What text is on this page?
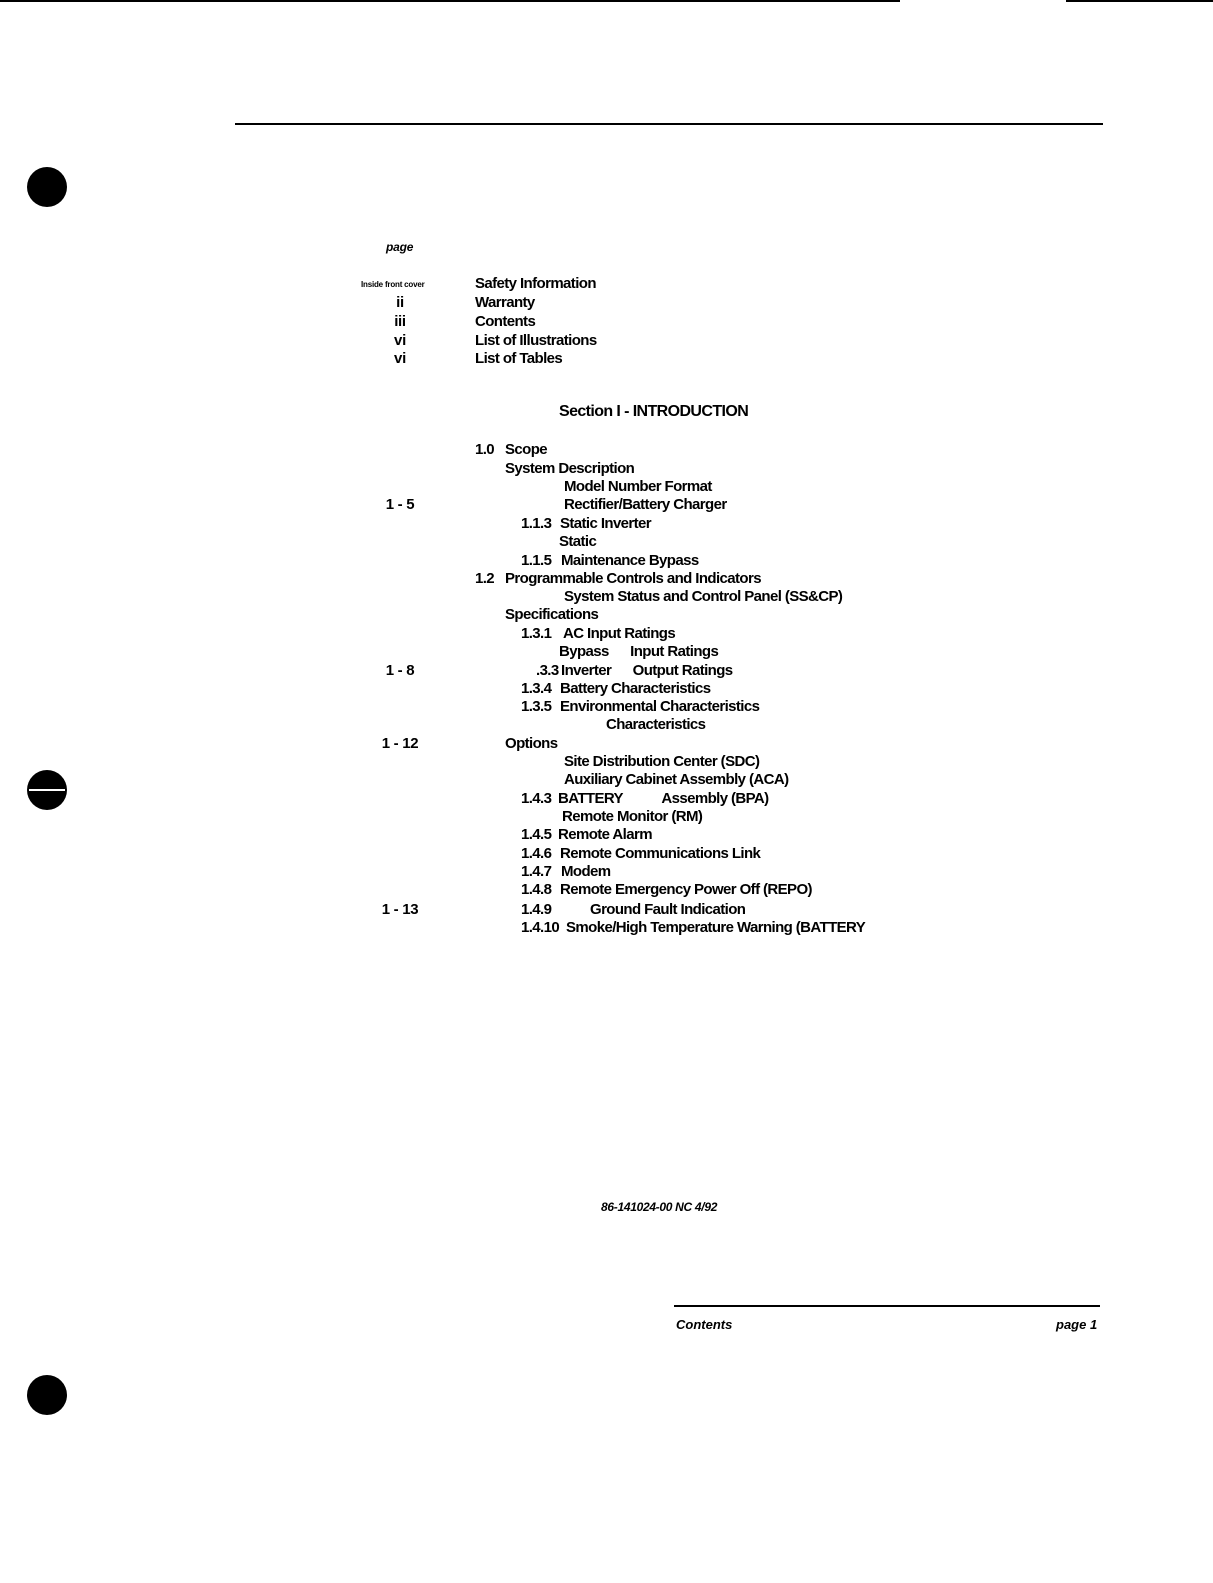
page
Inside front cover	Safety Information
ii	Warranty
iii	Contents
vi	List of Illustrations
vi	List of Tables
Section I - INTRODUCTION
1.0 Scope
System Description
Model Number Format
1 - 5	Rectifier/Battery Charger
1.1.3 Static Inverter
Static
1.1.5 Maintenance Bypass
1.2 Programmable Controls and Indicators
System Status and Control Panel (SS&CP)
Specifications
1.3.1 AC Input Ratings
Bypass      Input Ratings
1 - 8	.3.3 Inverter      Output Ratings
1.3.4 Battery Characteristics
1.3.5 Environmental Characteristics
Characteristics
1 - 12	Options
Site Distribution Center (SDC)
Auxiliary Cabinet Assembly (ACA)
1.4.3 BATTERY           Assembly (BPA)
Remote Monitor (RM)
1.4.5 Remote Alarm
1.4.6 Remote Communications Link
1.4.7 Modem
1.4.8 Remote Emergency Power Off (REPO)
1 - 13	1.4.9	Ground Fault Indication
1.4.10 Smoke/High Temperature Warning (BATTERY
86-141024-00 NC 4/92
Contents	page 1
